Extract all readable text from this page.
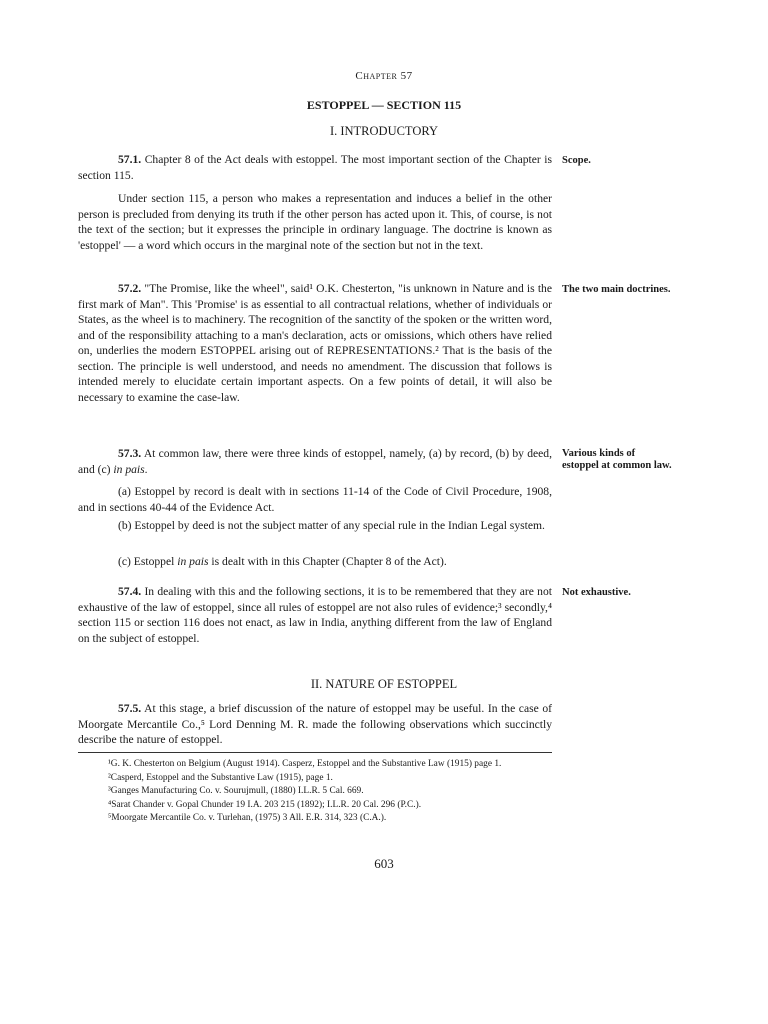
Chapter 57
ESTOPPEL — SECTION 115
I. INTRODUCTORY

57.1. Chapter 8 of the Act deals with estoppel. The most important section of the Chapter is section 115.

Scope.

Under section 115, a person who makes a representation and induces a belief in the other person is precluded from denying its truth if the other person has acted upon it. This, of course, is not the text of the section; but it expresses the principle in ordinary language. The doctrine is known as 'estoppel' — a word which occurs in the marginal note of the section but not in the text.

57.2. "The Promise, like the wheel", said¹ O.K. Chesterton, "is unknown in Nature and is the first mark of Man". This 'Promise' is as essential to all contractual relations, whether of individuals or States, as the wheel is to machinery. The recognition of the sanctity of the spoken or the written word, and of the responsibility attaching to a man's declaration, acts or omissions, which others have relied on, underlies the modern ESTOPPEL arising out of REPRESENTATIONS.² That is the basis of the section. The principle is well understood, and needs no amendment. The discussion that follows is intended merely to elucidate certain important aspects. On a few points of detail, it will also be necessary to examine the case-law.

The two main doctrines.

57.3. At common law, there were three kinds of estoppel, namely, (a) by record, (b) by deed, and (c) in pais.

Various kinds of estoppel at common law.

(a) Estoppel by record is dealt with in sections 11-14 of the Code of Civil Procedure, 1908, and in sections 40-44 of the Evidence Act.

(b) Estoppel by deed is not the subject matter of any special rule in the Indian Legal system.

(c) Estoppel in pais is dealt with in this Chapter (Chapter 8 of the Act).

57.4. In dealing with this and the following sections, it is to be remembered that they are not exhaustive of the law of estoppel, since all rules of estoppel are not also rules of evidence;³ secondly,⁴ section 115 or section 116 does not enact, as law in India, anything different from the law of England on the subject of estoppel.

Not exhaustive.
II. NATURE OF ESTOPPEL

57.5. At this stage, a brief discussion of the nature of estoppel may be useful. In the case of Moorgate Mercantile Co.,⁵ Lord Denning M. R. made the following observations which succinctly describe the nature of estoppel.

¹G. K. Chesterton on Belgium (August 1914). Casperz, Estoppel and the Substantive Law (1915) page 1.

²Casperd, Estoppel and the Substantive Law (1915), page 1.

³Ganges Manufacturing Co. v. Sourujmull, (1880) I.L.R. 5 Cal. 669.

⁴Sarat Chander v. Gopal Chunder 19 I.A. 203 215 (1892); I.L.R. 20 Cal. 296 (P.C.).

⁵Moorgate Mercantile Co. v. Turlehan, (1975) 3 All. E.R. 314, 323 (C.A.).

603
